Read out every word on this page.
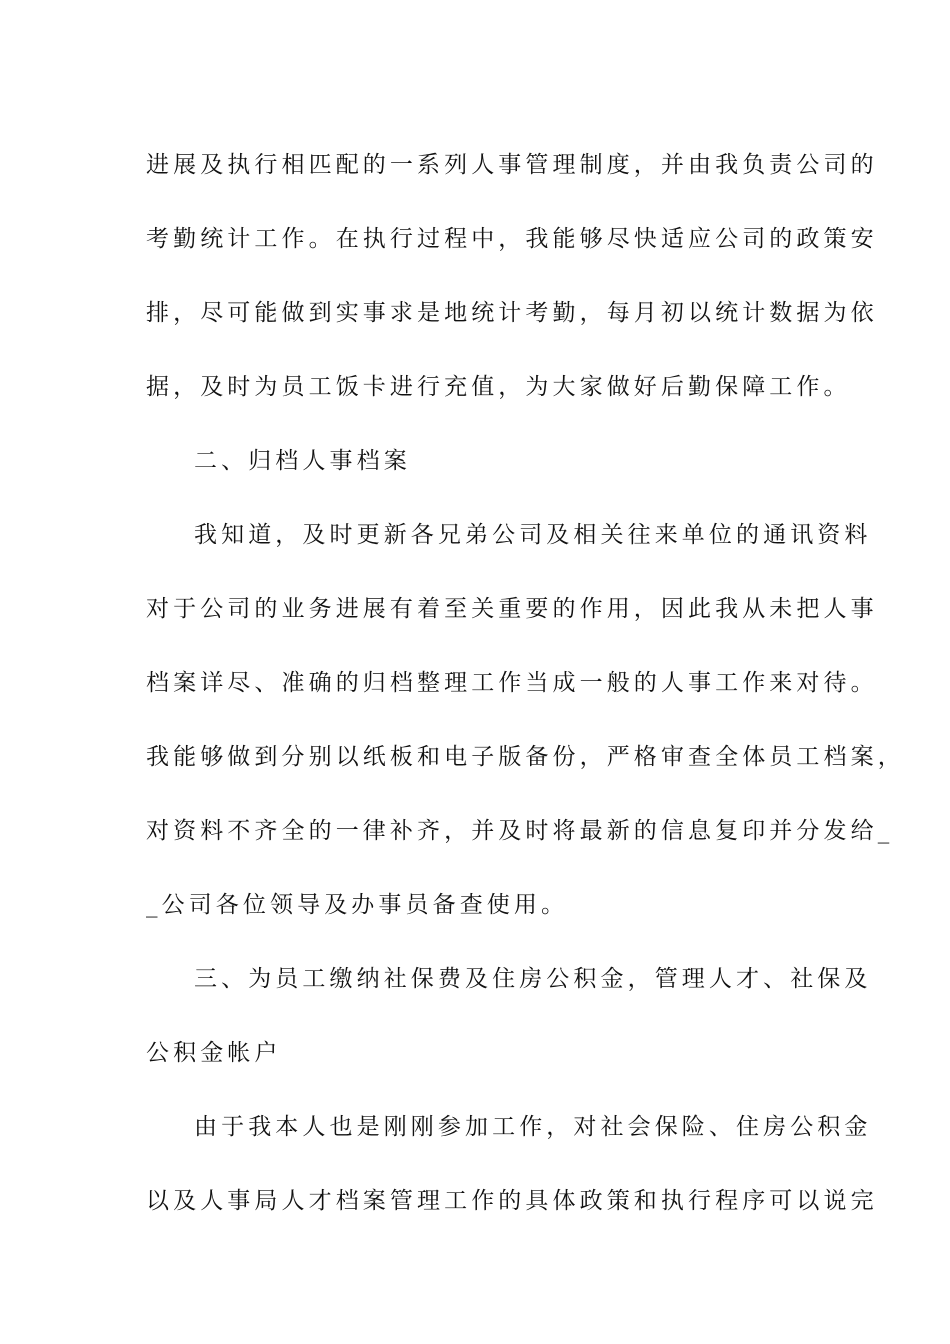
进展及执行相匹配的一系列人事管理制度，并由我负责公司的
考勤统计工作。在执行过程中，我能够尽快适应公司的政策安
排，尽可能做到实事求是地统计考勤，每月初以统计数据为依
据，及时为员工饭卡进行充值，为大家做好后勤保障工作。
二、归档人事档案
我知道，及时更新各兄弟公司及相关往来单位的通讯资料
对于公司的业务进展有着至关重要的作用，因此我从未把人事
档案详尽、准确的归档整理工作当成一般的人事工作来对待。
我能够做到分别以纸板和电子版备份，严格审查全体员工档案，
对资料不齐全的一律补齐，并及时将最新的信息复印并分发给_
_公司各位领导及办事员备查使用。
三、为员工缴纳社保费及住房公积金，管理人才、社保及
公积金帐户
由于我本人也是刚刚参加工作，对社会保险、住房公积金
以及人事局人才档案管理工作的具体政策和执行程序可以说完
